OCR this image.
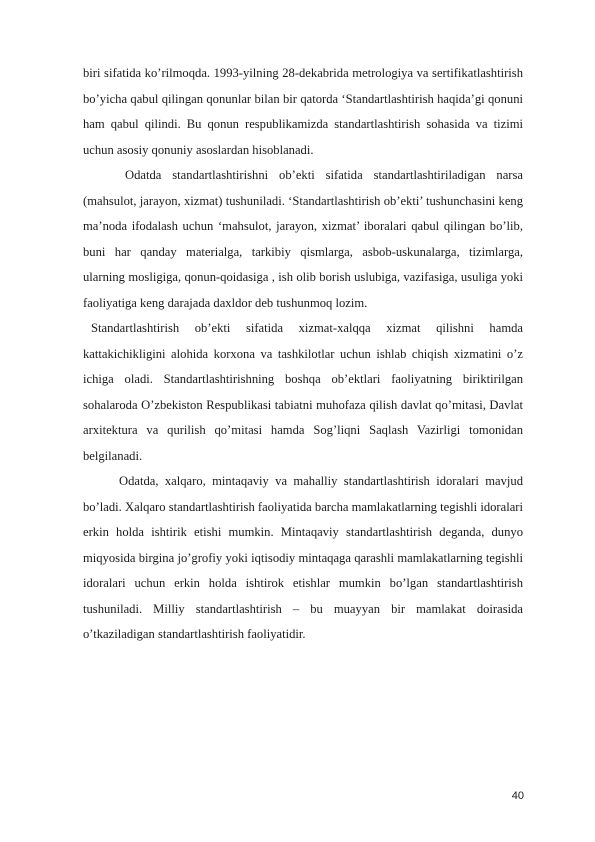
biri sifatida ko’rilmoqda. 1993-yilning 28-dekabrida metrologiya va sertifikatlashtirish bo’yicha qabul qilingan qonunlar bilan bir qatorda ‘Standartlashtirish haqida’gi qonuni ham qabul qilindi. Bu qonun respublikamizda standartlashtirish sohasida va tizimi uchun asosiy qonuniy asoslardan hisoblanadi.

Odatda standartlashtirishni ob’ekti sifatida standartlashtiriladigan narsa (mahsulot, jarayon, xizmat) tushuniladi. ‘Standartlashtirish ob’ekti’ tushunchasini keng ma’noda ifodalash uchun ‘mahsulot, jarayon, xizmat’ iboralari qabul qilingan bo’lib, buni har qanday materialga, tarkibiy qismlarga, asbob-uskunalarga, tizimlarga, ularning mosligiga, qonun-qoidasiga , ish olib borish uslubiga, vazifasiga, usuliga yoki faoliyatiga keng darajada daxldor deb tushunmoq lozim.

Standartlashtirish ob’ekti sifatida xizmat-xalqqa xizmat qilishni hamda kattakichikligini alohida korxona va tashkilotlar uchun ishlab chiqish xizmatini o’z ichiga oladi. Standartlashtirishning boshqa ob’ektlari faoliyatning biriktirilgan sohalaroda O’zbekiston Respublikasi tabiatni muhofaza qilish davlat qo’mitasi, Davlat arxitektura va qurilish qo’mitasi hamda Sog’liqni Saqlash Vazirligi tomonidan belgilanadi.

Odatda, xalqaro, mintaqaviy va mahalliy standartlashtirish idoralari mavjud bo’ladi. Xalqaro standartlashtirish faoliyatida barcha mamlakatlarning tegishli idoralari erkin holda ishtirik etishi mumkin. Mintaqaviy standartlashtirish deganda, dunyo miqyosida birgina jo’grofiy yoki iqtisodiy mintaqaga qarashli mamlakatlarning tegishli idoralari uchun erkin holda ishtirok etishlar mumkin bo’lgan standartlashtirish tushuniladi. Milliy standartlashtirish – bu muayyan bir mamlakat doirasida o’tkaziladigan standartlashtirish faoliyatidir.

40
